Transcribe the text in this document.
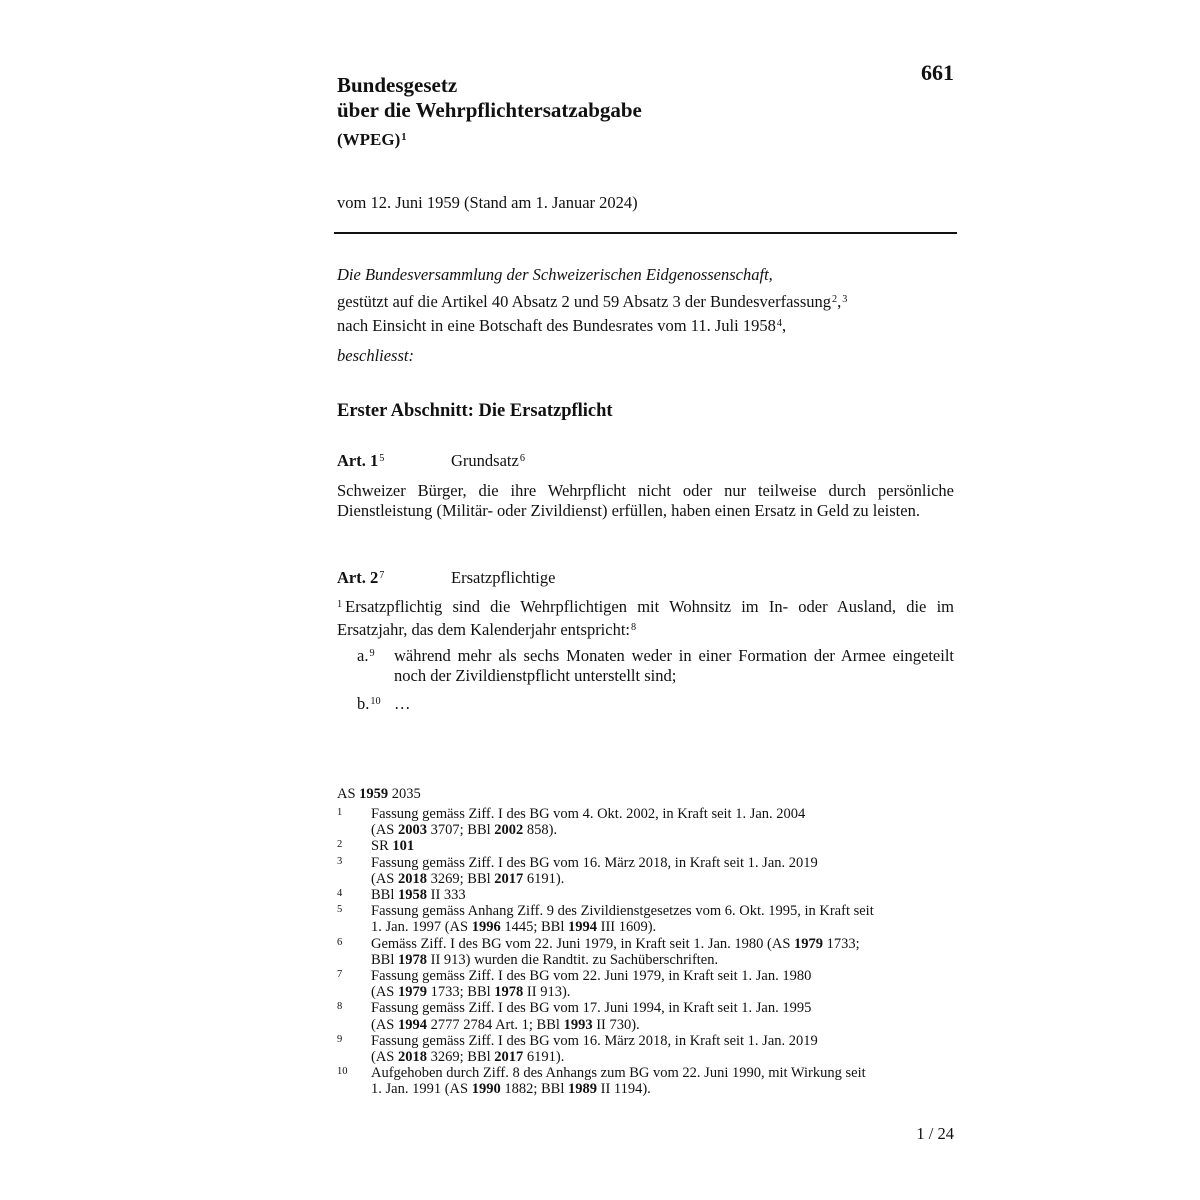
661
Bundesgesetz
über die Wehrpflichtersatzabgabe
(WPEG)$^1$
vom 12. Juni 1959 (Stand am 1. Januar 2024)
Die Bundesversammlung der Schweizerischen Eidgenossenschaft,
gestützt auf die Artikel 40 Absatz 2 und 59 Absatz 3 der Bundesverfassung$^2$,$^3$
nach Einsicht in eine Botschaft des Bundesrates vom 11. Juli 1958$^4$,
beschliesst:
Erster Abschnitt: Die Ersatzpflicht
Art. $1^5$	Grundsatz$^6$
Schweizer Bürger, die ihre Wehrpflicht nicht oder nur teilweise durch persönliche Dienstleistung (Militär- oder Zivildienst) erfüllen, haben einen Ersatz in Geld zu leisten.
Art. $2^7$	Ersatzpflichtige
$^1$ Ersatzpflichtig sind die Wehrpflichtigen mit Wohnsitz im In- oder Ausland, die im Ersatzjahr, das dem Kalenderjahr entspricht:$^8$
a.$^9$ während mehr als sechs Monaten weder in einer Formation der Armee eingeteilt noch der Zivildienstpflicht unterstellt sind;
b.$^{10}$ …
AS 1959 2035
1 Fassung gemäss Ziff. I des BG vom 4. Okt. 2002, in Kraft seit 1. Jan. 2004
(AS 2003 3707; BBl 2002 858).
2 SR 101
3 Fassung gemäss Ziff. I des BG vom 16. März 2018, in Kraft seit 1. Jan. 2019
(AS 2018 3269; BBl 2017 6191).
4 BBl 1958 II 333
5 Fassung gemäss Anhang Ziff. 9 des Zivildienstgesetzes vom 6. Okt. 1995, in Kraft seit
1. Jan. 1997 (AS 1996 1445; BBl 1994 III 1609).
6 Gemäss Ziff. I des BG vom 22. Juni 1979, in Kraft seit 1. Jan. 1980 (AS 1979 1733;
BBl 1978 II 913) wurden die Randtit. zu Sachüberschriften.
7 Fassung gemäss Ziff. I des BG vom 22. Juni 1979, in Kraft seit 1. Jan. 1980
(AS 1979 1733; BBl 1978 II 913).
8 Fassung gemäss Ziff. I des BG vom 17. Juni 1994, in Kraft seit 1. Jan. 1995
(AS 1994 2777 2784 Art. 1; BBl 1993 II 730).
9 Fassung gemäss Ziff. I des BG vom 16. März 2018, in Kraft seit 1. Jan. 2019
(AS 2018 3269; BBl 2017 6191).
10 Aufgehoben durch Ziff. 8 des Anhangs zum BG vom 22. Juni 1990, mit Wirkung seit
1. Jan. 1991 (AS 1990 1882; BBl 1989 II 1194).
1 / 24
